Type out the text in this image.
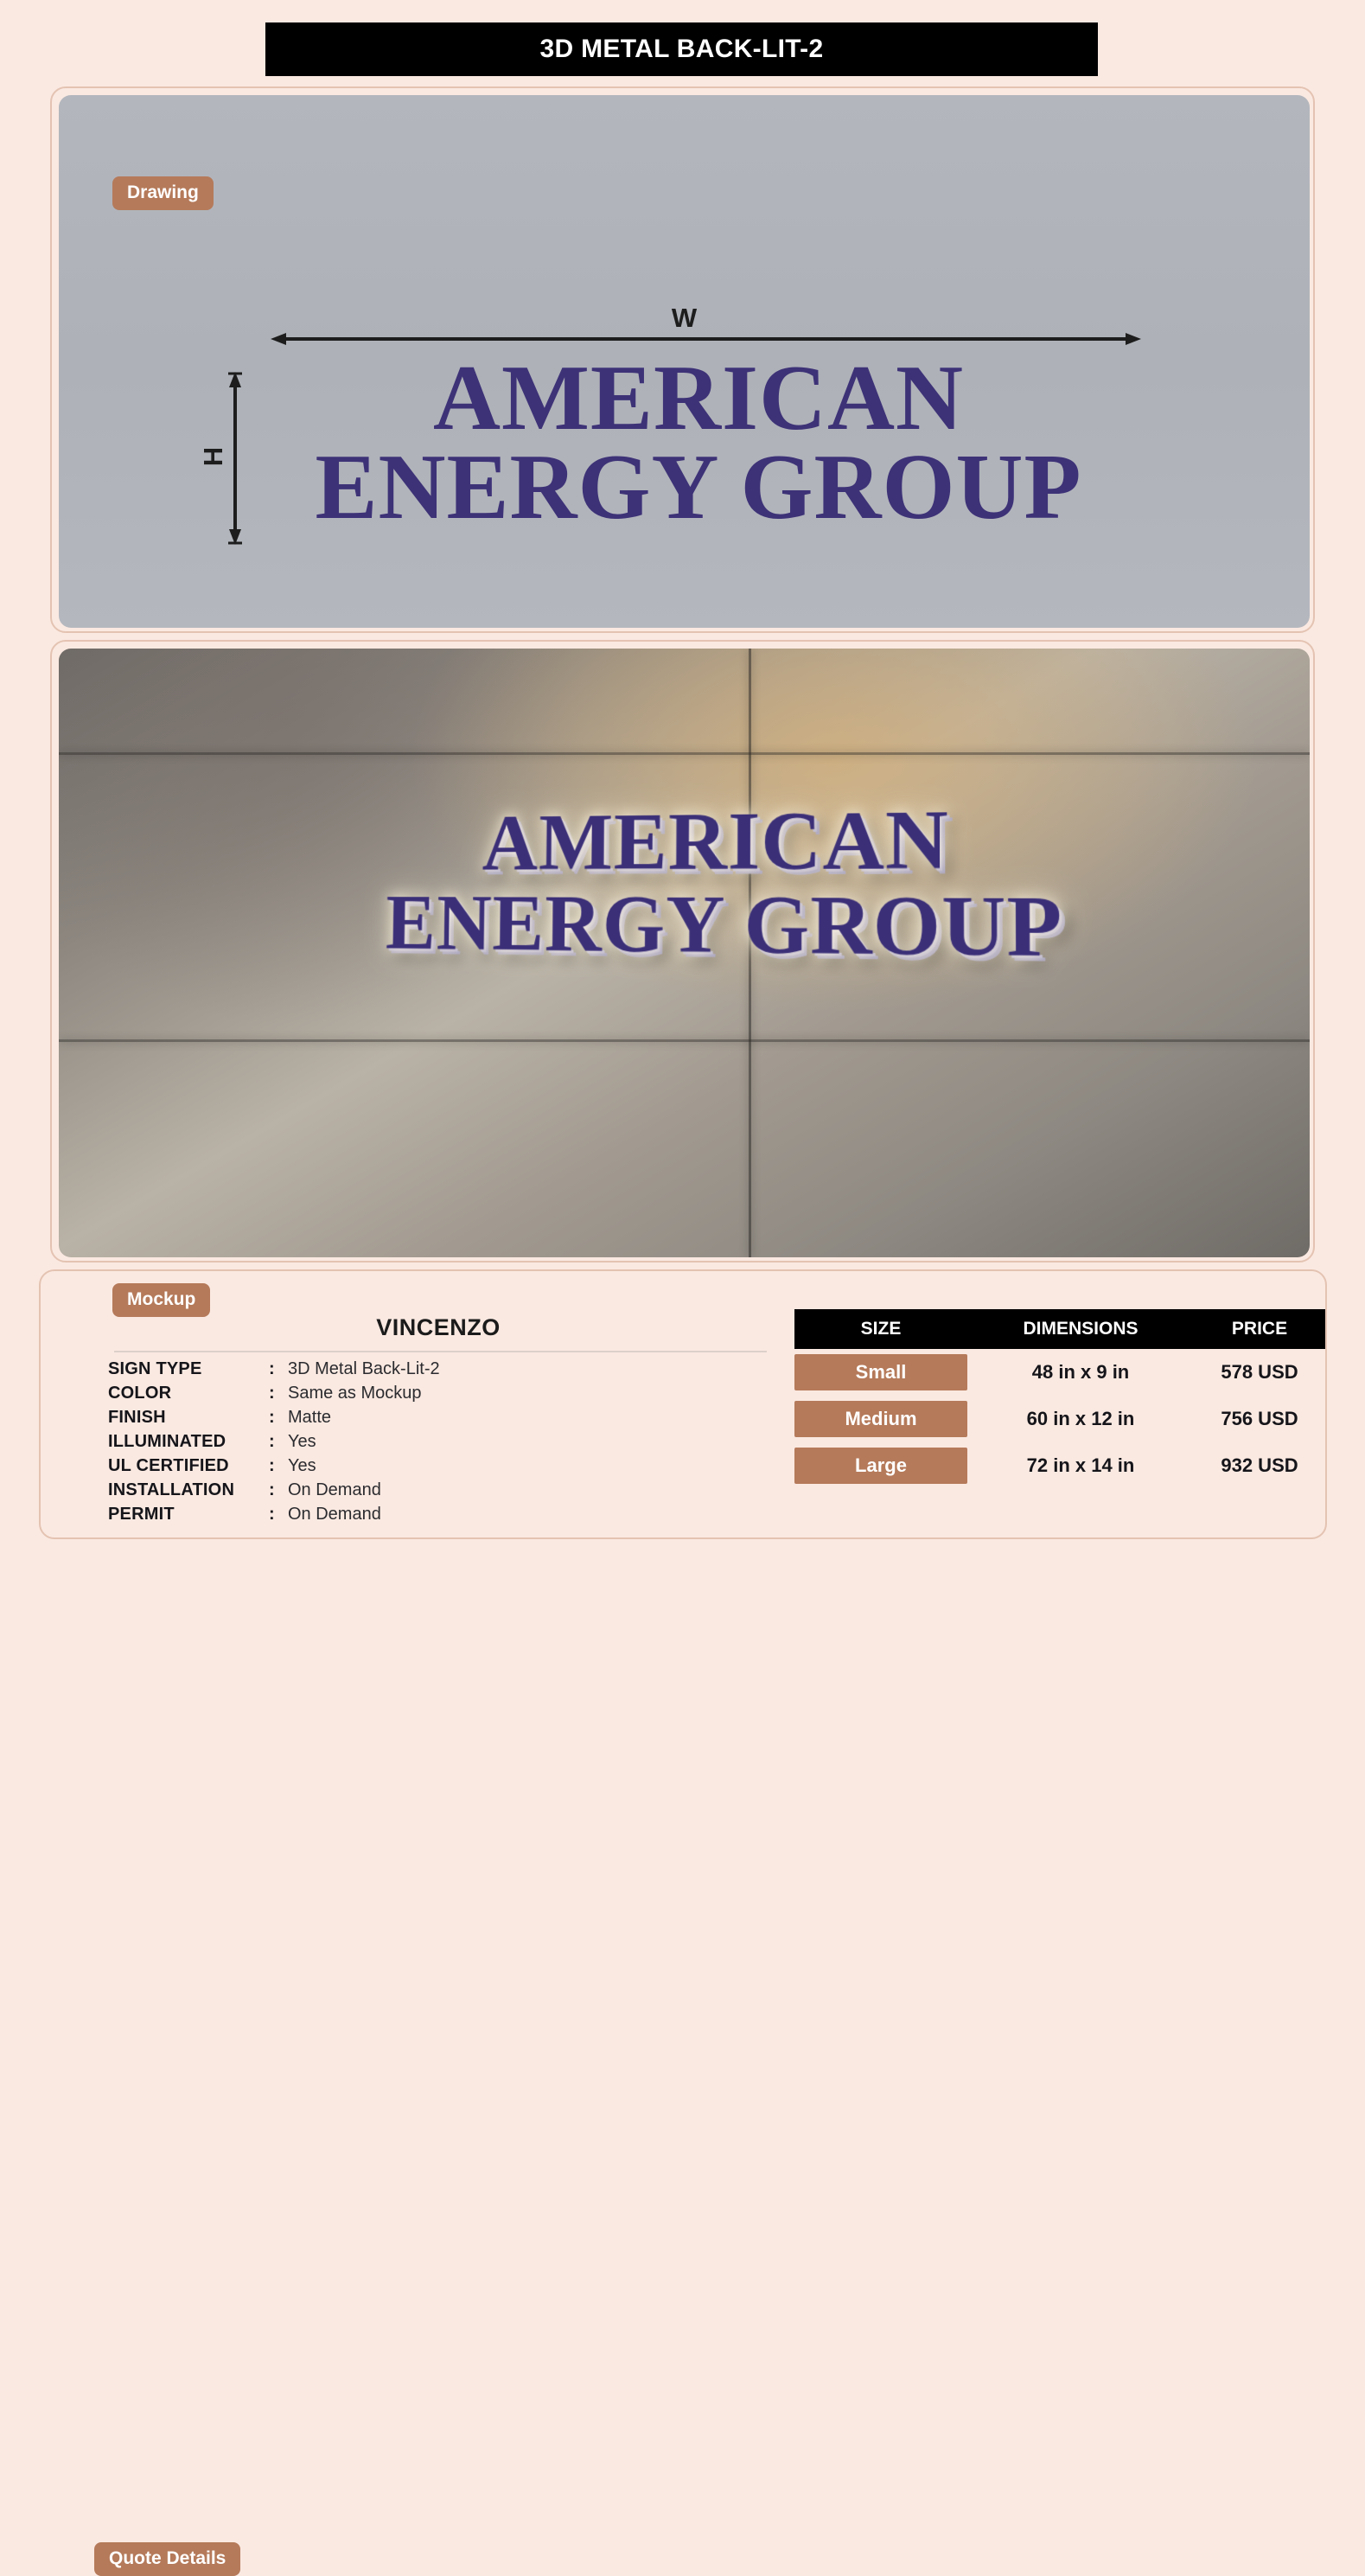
3D METAL BACK-LIT-2
W
H
AMERICAN
ENERGY GROUP
Drawing
AMERICAN
ENERGY GROUP
Mockup
Quote Details
VINCENZO
SIGN TYPE	: 3D Metal Back-Lit-2
COLOR	: Same as Mockup
FINISH	: Matte
ILLUMINATED	: Yes
UL CERTIFIED	: Yes
INSTALLATION	: On Demand
PERMIT	: On Demand
SIZE	DIMENSIONS	PRICE
Small	48 in x 9 in	578 USD
Medium	60 in x 12 in	756 USD
Large	72 in x 14 in	932 USD
